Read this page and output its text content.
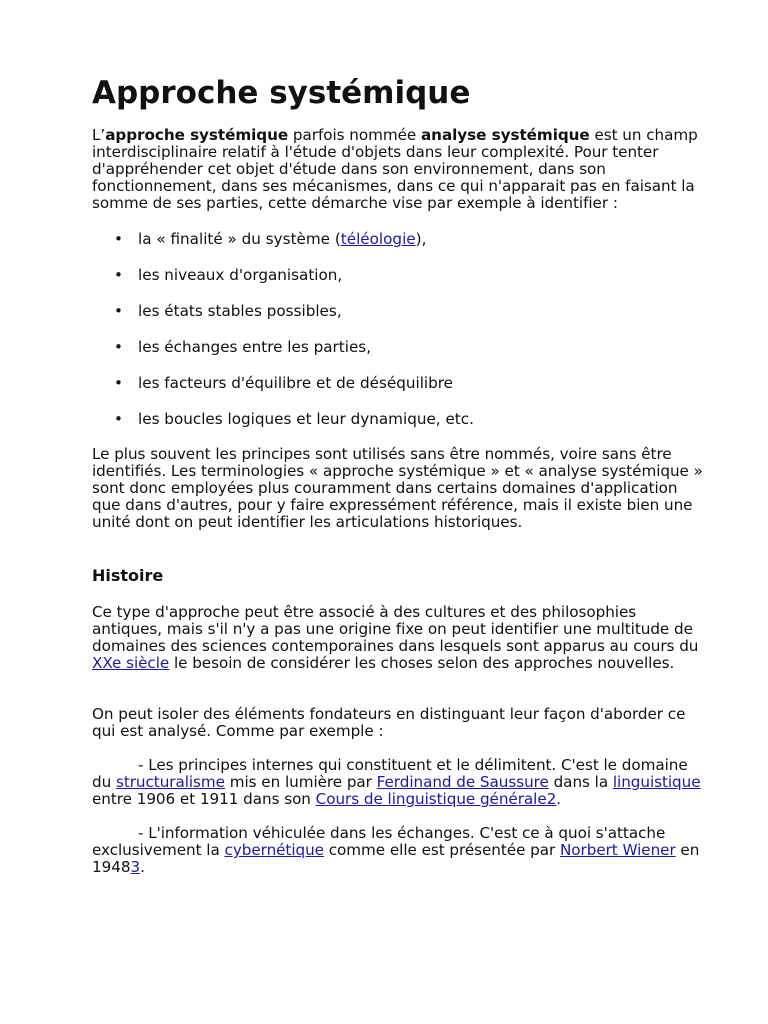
Approche systémique

L’approche systémique parfois nommée analyse systémique est un champ interdisciplinaire relatif à l'étude d'objets dans leur complexité. Pour tenter d'appréhender cet objet d'étude dans son environnement, dans son fonctionnement, dans ses mécanismes, dans ce qui n'apparait pas en faisant la somme de ses parties, cette démarche vise par exemple à identifier :

• la « finalité » du système (téléologie),
• les niveaux d'organisation,
• les états stables possibles,
• les échanges entre les parties,
• les facteurs d'équilibre et de déséquilibre
• les boucles logiques et leur dynamique, etc.

Le plus souvent les principes sont utilisés sans être nommés, voire sans être identifiés. Les terminologies « approche systémique » et « analyse systémique » sont donc employées plus couramment dans certains domaines d'application que dans d'autres, pour y faire expressément référence, mais il existe bien une unité dont on peut identifier les articulations historiques.

Histoire

Ce type d'approche peut être associé à des cultures et des philosophies antiques, mais s'il n'y a pas une origine fixe on peut identifier une multitude de domaines des sciences contemporaines dans lesquels sont apparus au cours du XXe siècle le besoin de considérer les choses selon des approches nouvelles.

On peut isoler des éléments fondateurs en distinguant leur façon d'aborder ce qui est analysé. Comme par exemple :

- Les principes internes qui constituent et le délimitent. C'est le domaine du structuralisme mis en lumière par Ferdinand de Saussure dans la linguistique entre 1906 et 1911 dans son Cours de linguistique générale2.

- L'information véhiculée dans les échanges. C'est ce à quoi s'attache exclusivement la cybernétique comme elle est présentée par Norbert Wiener en 19483.
